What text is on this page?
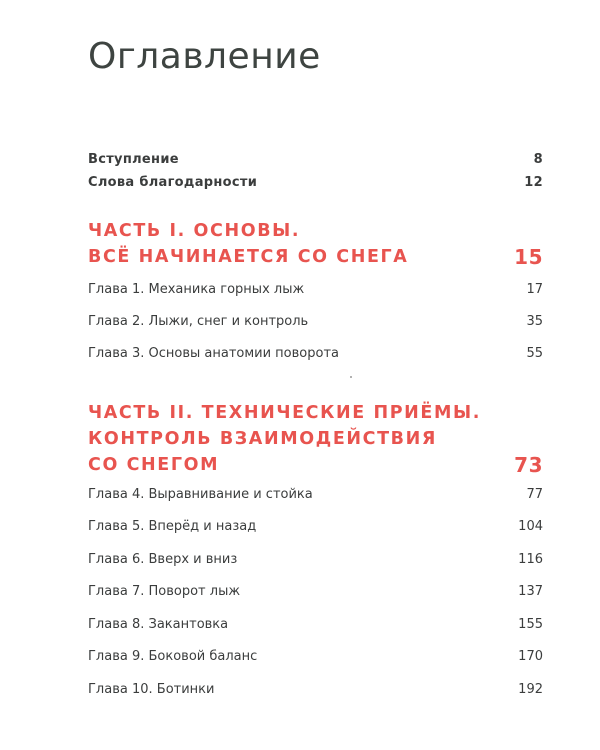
Оглавление
Вступление	8
Слова благодарности	12
ЧАСТЬ I. ОСНОВЫ.
ВСЁ НАЧИНАЕТСЯ СО СНЕГА	15
Глава 1. Механика горных лыж	17
Глава 2. Лыжи, снег и контроль	35
Глава 3. Основы анатомии поворота	55
ЧАСТЬ II. ТЕХНИЧЕСКИЕ ПРИЁМЫ.
КОНТРОЛЬ ВЗАИМОДЕЙСТВИЯ
СО СНЕГОМ	73
Глава 4. Выравнивание и стойка	77
Глава 5. Вперёд и назад	104
Глава 6. Вверх и вниз	116
Глава 7. Поворот лыж	137
Глава 8. Закантовка	155
Глава 9. Боковой баланс	170
Глава 10. Ботинки	192
